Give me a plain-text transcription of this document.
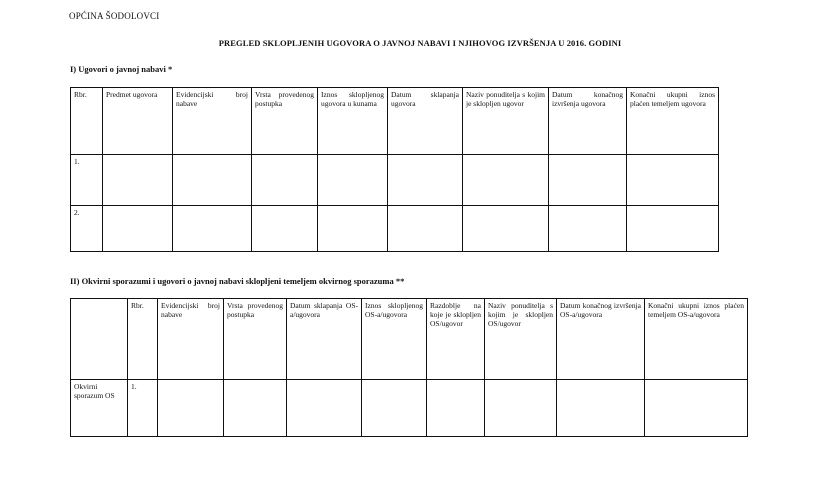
OPĆINA ŠODOLOVCI
PREGLED SKLOPLJENIH UGOVORA O JAVNOJ NABAVI I NJIHOVOG IZVRŠENJA U 2016. GODINI
I) Ugovori o javnoj nabavi *
Rbr.	Predmet ugovora	Evidencijski broj nabave	Vrsta provedenog postupka	Iznos sklopljenog ugovora u kunama	Datum sklapanja ugovora	Naziv ponuditelja s kojim je sklopljen ugovor	Datum konačnog izvršenja ugovora	Konačni ukupni iznos plaćen temeljem ugovora
1.								
2.								
II) Okvirni sporazumi i ugovori o javnoj nabavi sklopljeni temeljem okvirnog sporazuma **
	Rbr.	Evidencijski broj nabave	Vrsta provedenog postupka	Datum sklapanja OS-a/ugovora	Iznos sklopljenog OS-a/ugovora	Razdoblje na koje je sklopljen OS/ugovor	Naziv ponuditelja s kojim je sklopljen OS/ugovor	Datum konačnog izvršenja OS-a/ugovora	Konačni ukupni iznos plaćen temeljem OS-a/ugovora
Okvirni sporazum OS	1.								
